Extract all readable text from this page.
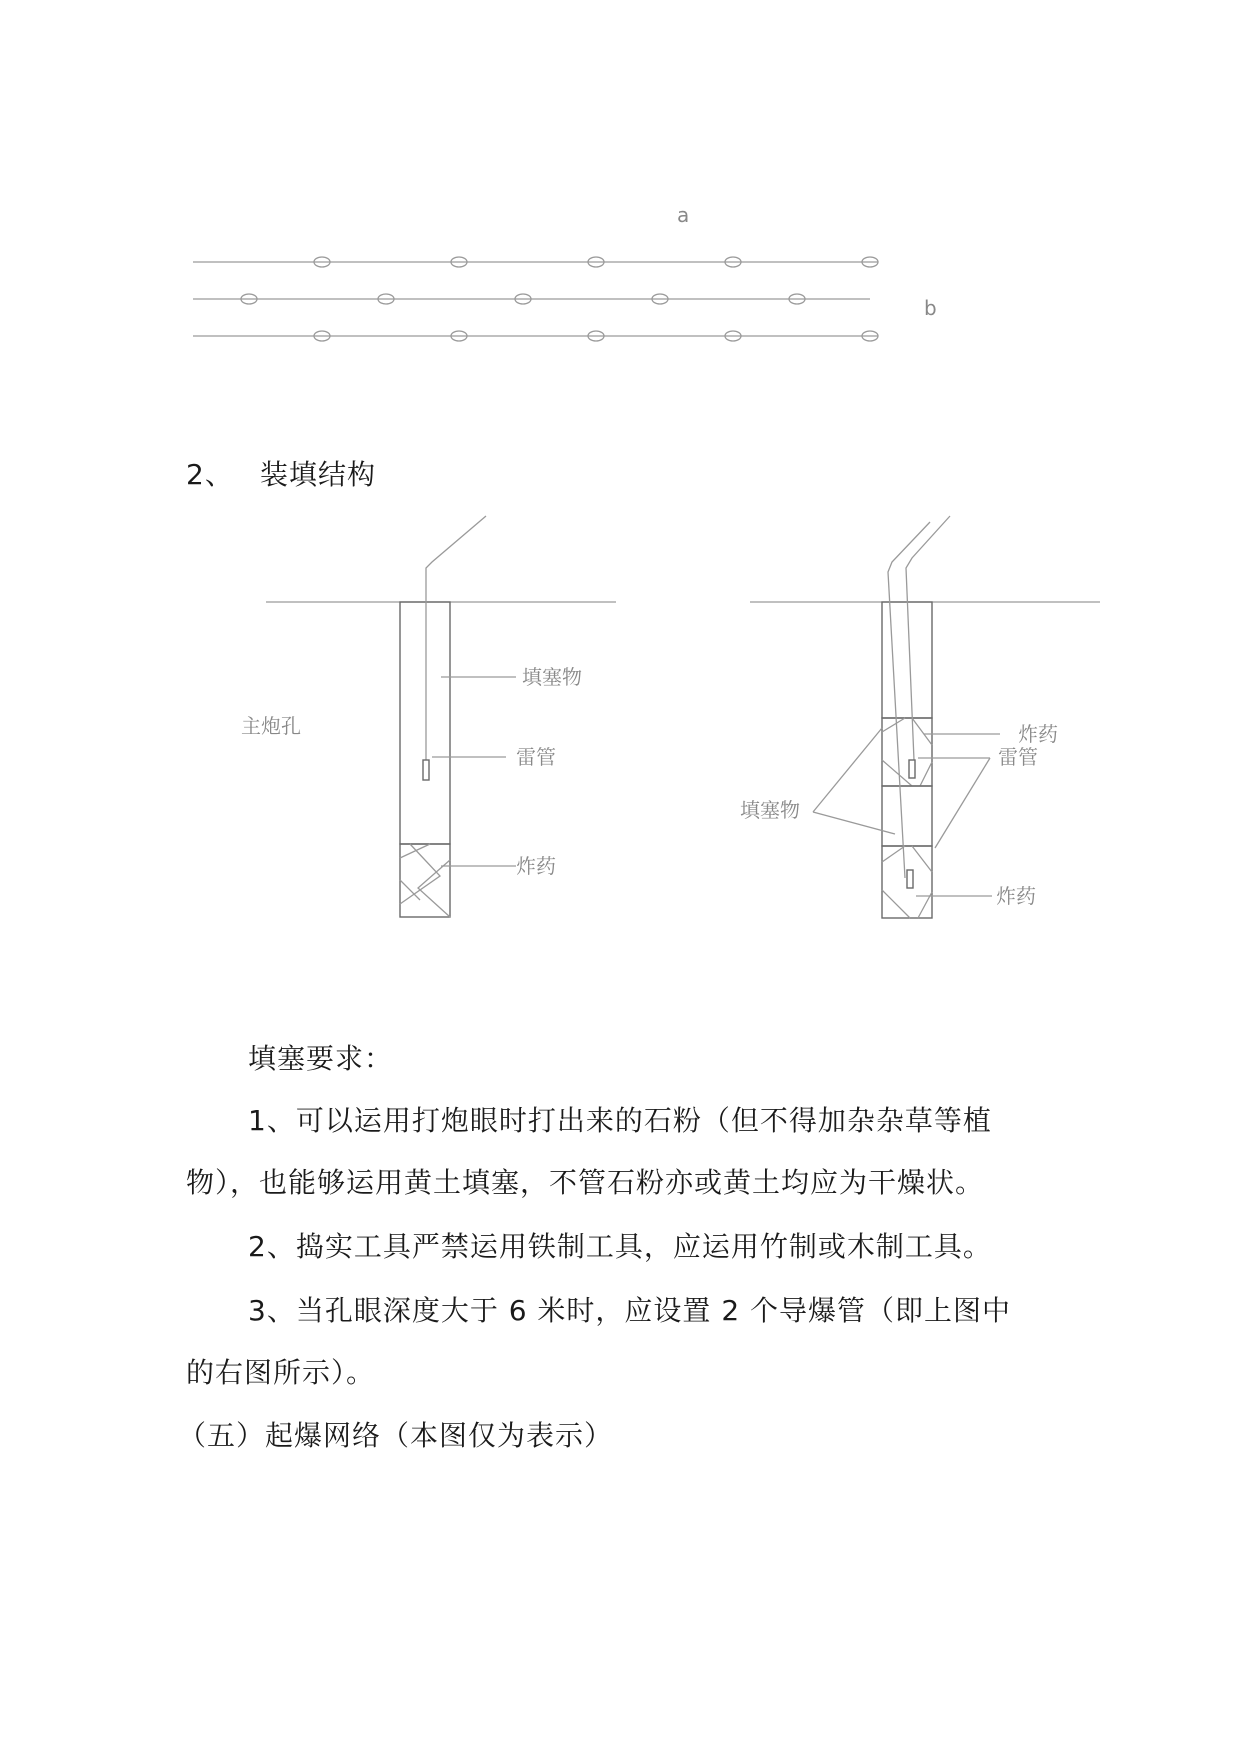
a
b
2、 装填结构
主炮孔
填塞物
雷管
炸药
炸药
雷管
填塞物
炸药
填塞要求：
1、可以运用打炮眼时打出来的石粉（但不得加杂杂草等植
物），也能够运用黄土填塞，不管石粉亦或黄土均应为干燥状。
2、捣实工具严禁运用铁制工具，应运用竹制或木制工具。
3、当孔眼深度大于 6 米时，应设置 2 个导爆管（即上图中
的右图所示）。
（五）起爆网络（本图仅为表示）
